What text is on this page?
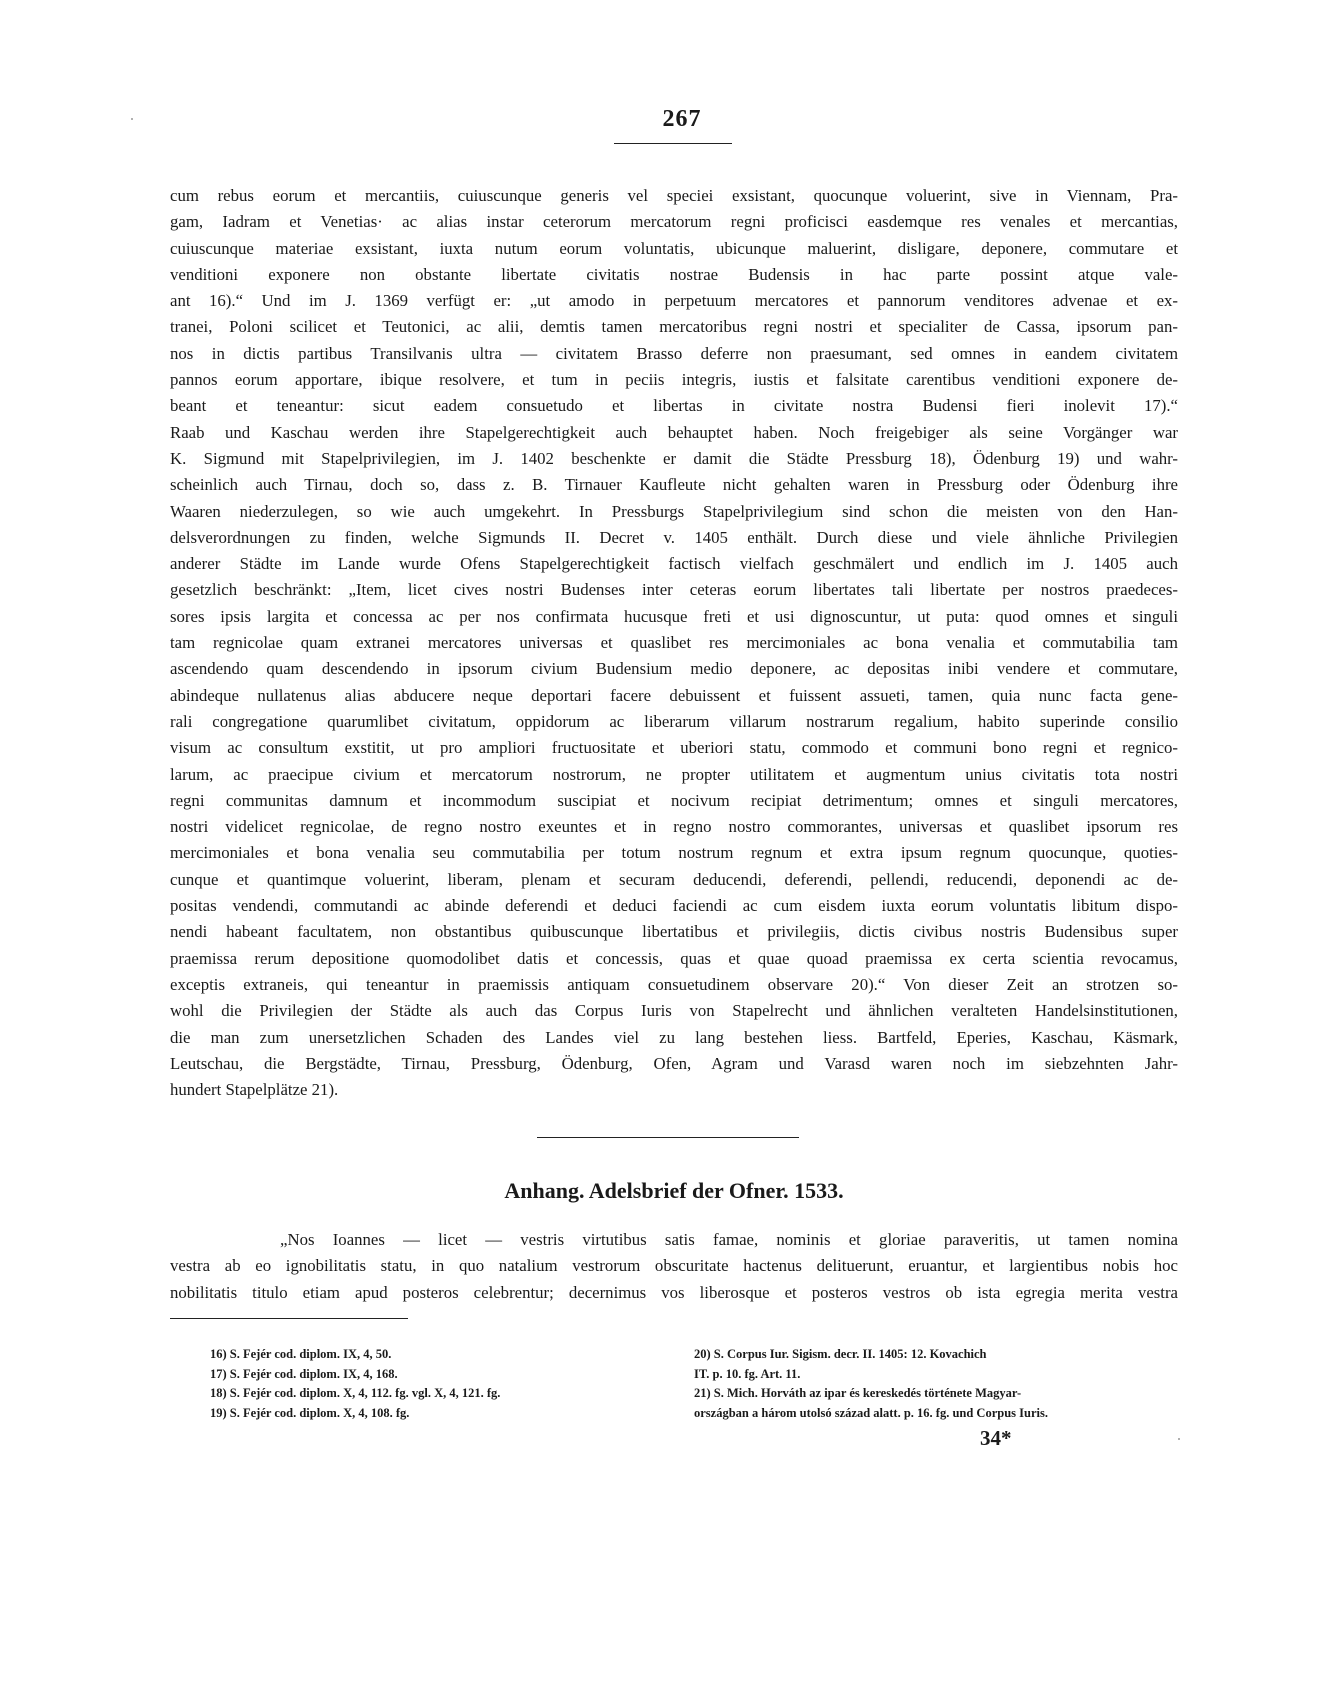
267
cum rebus eorum et mercantiis, cuiuscunque generis vel speciei exsistant, quocunque voluerint, sive in Viennam, Pra-
gam, Iadram et Venetias· ac alias instar ceterorum mercatorum regni proficisci easdemque res venales et mercantias,
cuiuscunque materiae exsistant, iuxta nutum eorum voluntatis, ubicunque maluerint, disligare, deponere, commutare et
venditioni exponere non obstante libertate civitatis nostrae Budensis in hac parte possint atque vale-
ant 16).“ Und im J. 1369 verfügt er: „ut amodo in perpetuum mercatores et pannorum venditores advenae et ex-
tranei, Poloni scilicet et Teutonici, ac alii, demtis tamen mercatoribus regni nostri et specialiter de Cassa, ipsorum pan-
nos in dictis partibus Transilvanis ultra — civitatem Brasso deferre non praesumant, sed omnes in eandem civitatem
pannos eorum apportare, ibique resolvere, et tum in peciis integris, iustis et falsitate carentibus venditioni exponere de-
beant et teneantur: sicut eadem consuetudo et libertas in civitate nostra Budensi fieri inolevit 17).“
Raab und Kaschau werden ihre Stapelgerechtigkeit auch behauptet haben. Noch freigebiger als seine Vorgänger war
K. Sigmund mit Stapelprivilegien, im J. 1402 beschenkte er damit die Städte Pressburg 18), Ödenburg 19) und wahr-
scheinlich auch Tirnau, doch so, dass z. B. Tirnauer Kaufleute nicht gehalten waren in Pressburg oder Ödenburg ihre
Waaren niederzulegen, so wie auch umgekehrt. In Pressburgs Stapelprivilegium sind schon die meisten von den Han-
delsverordnungen zu finden, welche Sigmunds II. Decret v. 1405 enthält. Durch diese und viele ähnliche Privilegien
anderer Städte im Lande wurde Ofens Stapelgerechtigkeit factisch vielfach geschmälert und endlich im J. 1405 auch
gesetzlich beschränkt: „Item, licet cives nostri Budenses inter ceteras eorum libertates tali libertate per nostros praedeces-
sores ipsis largita et concessa ac per nos confirmata hucusque freti et usi dignoscuntur, ut puta: quod omnes et singuli
tam regnicolae quam extranei mercatores universas et quaslibet res mercimoniales ac bona venalia et commutabilia tam
ascendendo quam descendendo in ipsorum civium Budensium medio deponere, ac depositas inibi vendere et commutare,
abindeque nullatenus alias abducere neque deportari facere debuissent et fuissent assueti, tamen, quia nunc facta gene-
rali congregatione quarumlibet civitatum, oppidorum ac liberarum villarum nostrarum regalium, habito superinde consilio
visum ac consultum exstitit, ut pro ampliori fructuositate et uberiori statu, commodo et communi bono regni et regnico-
larum, ac praecipue civium et mercatorum nostrorum, ne propter utilitatem et augmentum unius civitatis tota nostri
regni communitas damnum et incommodum suscipiat et nocivum recipiat detrimentum; omnes et singuli mercatores,
nostri videlicet regnicolae, de regno nostro exeuntes et in regno nostro commorantes, universas et quaslibet ipsorum res
mercimoniales et bona venalia seu commutabilia per totum nostrum regnum et extra ipsum regnum quocunque, quoties-
cunque et quantimque voluerint, liberam, plenam et securam deducendi, deferendi, pellendi, reducendi, deponendi ac de-
positas vendendi, commutandi ac abinde deferendi et deduci faciendi ac cum eisdem iuxta eorum voluntatis libitum dispo-
nendi habeant facultatem, non obstantibus quibuscunque libertatibus et privilegiis, dictis civibus nostris Budensibus super
praemissa rerum depositione quomodolibet datis et concessis, quas et quae quoad praemissa ex certa scientia revocamus,
exceptis extraneis, qui teneantur in praemissis antiquam consuetudinem observare 20).“ Von dieser Zeit an strotzen so-
wohl die Privilegien der Städte als auch das Corpus Iuris von Stapelrecht und ähnlichen veralteten Handelsinstitutionen,
die man zum unersetzlichen Schaden des Landes viel zu lang bestehen liess. Bartfeld, Eperies, Kaschau, Käsmark,
Leutschau, die Bergstädte, Tirnau, Pressburg, Ödenburg, Ofen, Agram und Varasd waren noch im siebzehnten Jahr-
hundert Stapelplätze 21).
Anhang. Adelsbrief der Ofner. 1533.
„Nos Ioannes — licet — vestris virtutibus satis famae, nominis et gloriae paraveritis, ut tamen nomina
vestra ab eo ignobilitatis statu, in quo natalium vestrorum obscuritate hactenus delituerunt, eruantur, et largientibus nobis hoc
nobilitatis titulo etiam apud posteros celebrentur; decernimus vos liberosque et posteros vestros ob ista egregia merita vestra
16) S. Fejér cod. diplom. IX, 4, 50.
17) S. Fejér cod. diplom. IX, 4, 168.
18) S. Fejér cod. diplom. X, 4, 112. fg. vgl. X, 4, 121. fg.
19) S. Fejér cod. diplom. X, 4, 108. fg.
20) S. Corpus Iur. Sigism. decr. II. 1405: 12. Kovachich
IT. p. 10. fg. Art. 11.
21) S. Mich. Horváth az ipar és kereskedés története Magyar-
országban a három utolsó század alatt. p. 16. fg. und Corpus Iuris.
34*
